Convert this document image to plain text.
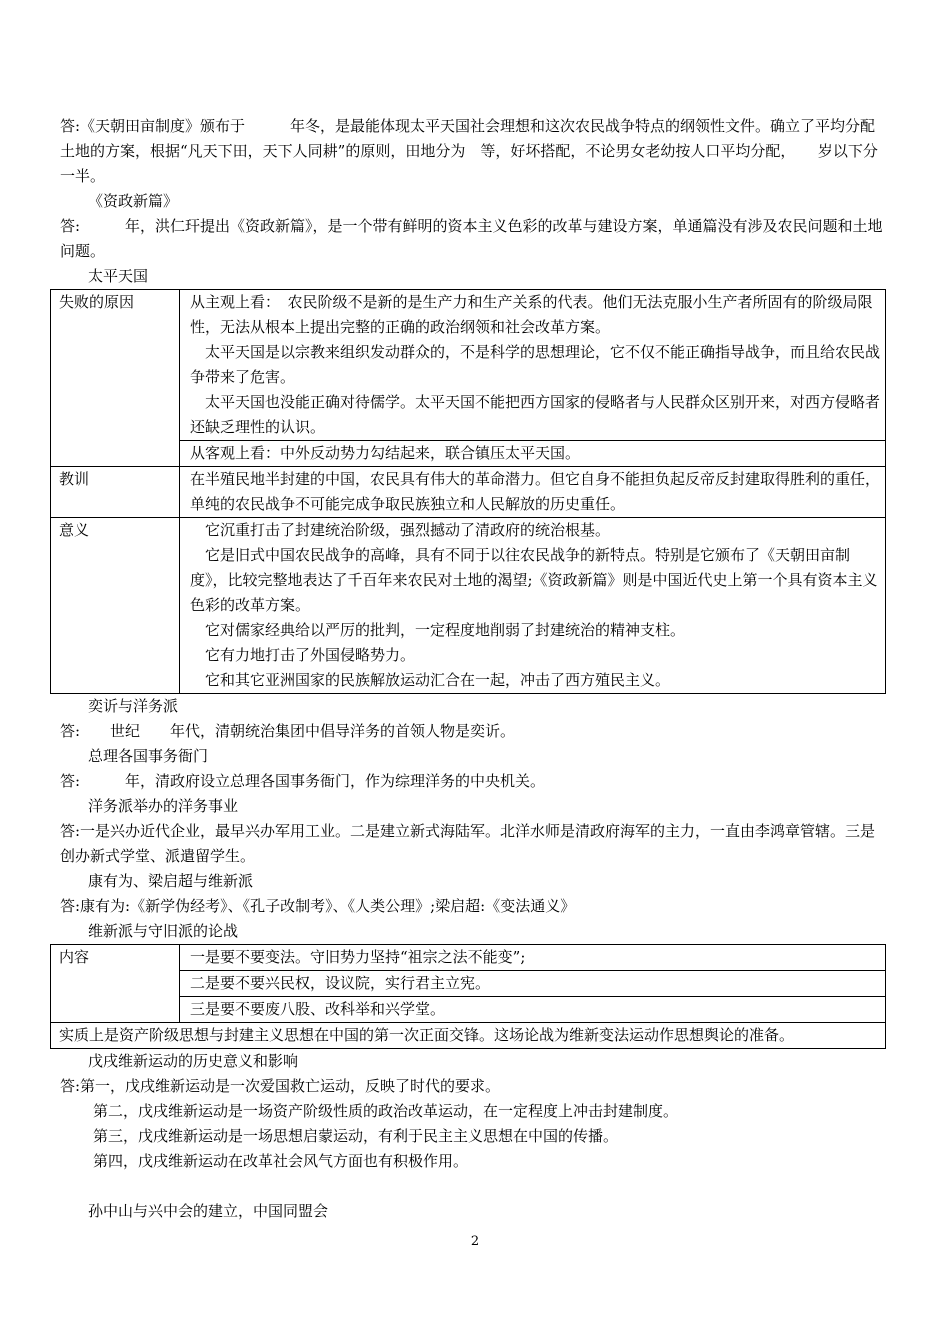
答:《天朝田亩制度》颁布于　　　年冬，是最能体现太平天国社会理想和这次农民战争特点的纲领性文件。确立了平均分配土地的方案，根据“凡天下田，天下人同耕”的原则，田地分为　等，好坏搭配，不论男女老幼按人口平均分配，　　岁以下分一半。

《资政新篇》

答:　　　年，洪仁玕提出《资政新篇》，是一个带有鲜明的资本主义色彩的改革与建设方案，单通篇没有涉及农民问题和土地问题。

太平天国

失败的原因	从主观上看：　农民阶级不是新的是生产力和生产关系的代表。他们无法克服小生产者所固有的阶级局限性，无法从根本上提出完整的正确的政治纲领和社会改革方案。

太平天国是以宗教来组织发动群众的，不是科学的思想理论，它不仅不能正确指导战争，而且给农民战争带来了危害。

太平天国也没能正确对待儒学。太平天国不能把西方国家的侵略者与人民群众区别开来，对西方侵略者还缺乏理性的认识。

	从客观上看：中外反动势力勾结起来，联合镇压太平天国。
教训	在半殖民地半封建的中国，农民具有伟大的革命潜力。但它自身不能担负起反帝反封建取得胜利的重任，单纯的农民战争不可能完成争取民族独立和人民解放的历史重任。
意义	它沉重打击了封建统治阶级，强烈撼动了清政府的统治根基。

它是旧式中国农民战争的高峰，具有不同于以往农民战争的新特点。特别是它颁布了《天朝田亩制度》，比较完整地表达了千百年来农民对土地的渴望;《资政新篇》则是中国近代史上第一个具有资本主义色彩的改革方案。

它对儒家经典给以严厉的批判，一定程度地削弱了封建统治的精神支柱。

它有力地打击了外国侵略势力。

它和其它亚洲国家的民族解放运动汇合在一起，冲击了西方殖民主义。

奕䜣与洋务派

答:　　世纪　　年代，清朝统治集团中倡导洋务的首领人物是奕䜣。

总理各国事务衙门

答:　　　年，清政府设立总理各国事务衙门，作为综理洋务的中央机关。

洋务派举办的洋务事业

答:一是兴办近代企业，最早兴办军用工业。二是建立新式海陆军。北洋水师是清政府海军的主力，一直由李鸿章管辖。三是创办新式学堂、派遣留学生。

康有为、梁启超与维新派

答:康有为:《新学伪经考》、《孔子改制考》、《人类公理》;梁启超:《变法通义》

维新派与守旧派的论战

内容	一是要不要变法。守旧势力坚持“祖宗之法不能变”;
二是要不要兴民权，设议院，实行君主立宪。
三是要不要废八股、改科举和兴学堂。
实质上是资产阶级思想与封建主义思想在中国的第一次正面交锋。这场论战为维新变法运动作思想舆论的准备。

戊戌维新运动的历史意义和影响

答:第一，戊戌维新运动是一次爱国救亡运动，反映了时代的要求。

第二，戊戌维新运动是一场资产阶级性质的政治改革运动，在一定程度上冲击封建制度。

第三，戊戌维新运动是一场思想启蒙运动，有利于民主主义思想在中国的传播。

第四，戊戌维新运动在改革社会风气方面也有积极作用。

孙中山与兴中会的建立，中国同盟会

2
